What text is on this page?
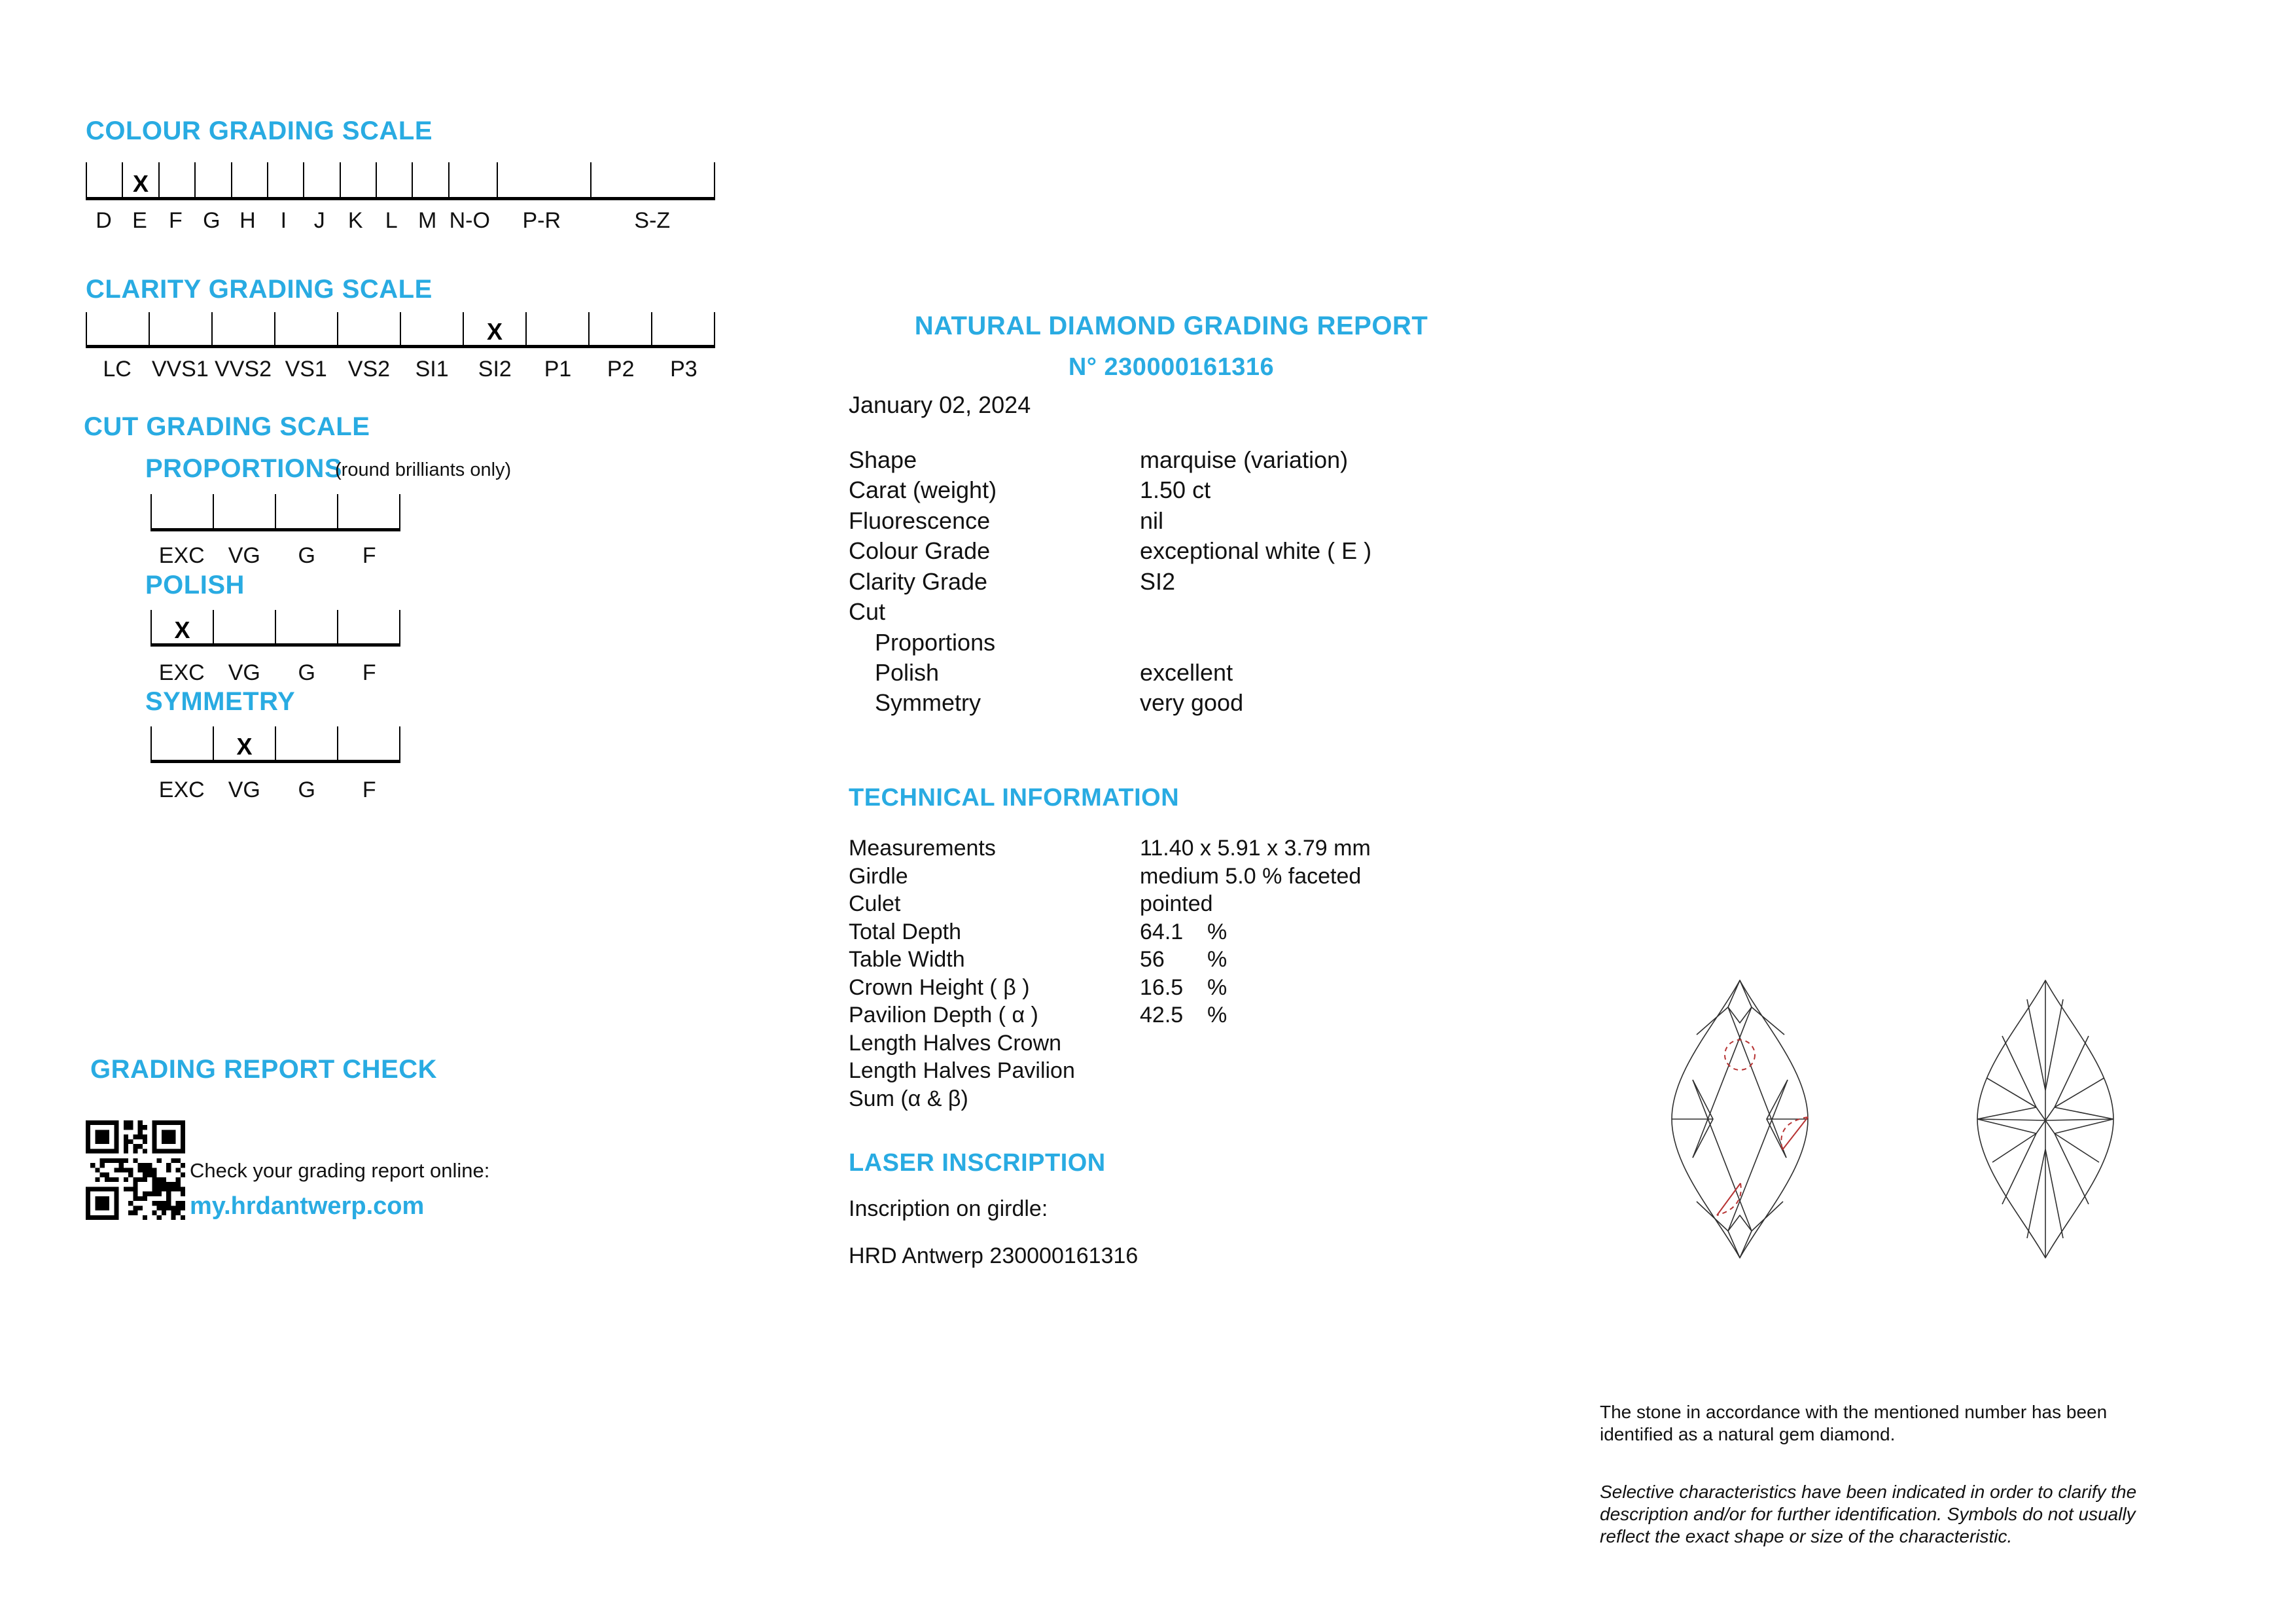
COLOUR GRADING SCALE
X
D E F G H	I	J	K	L M N-O	P-R	S-Z
CLARITY GRADING SCALE
X
LC VVS1 VVS2 VS1 VS2	SI1	SI2	P1	P2	P3
CUT GRADING SCALE
PROPORTIONS
(round brilliants only)
EXC	VG	G	F
POLISH
X
EXC	VG	G	F
SYMMETRY
X
EXC	VG	G	F
GRADING REPORT CHECK
Check your grading report online:
my.hrdantwerp.com
NATURAL DIAMOND GRADING REPORT
N° 230000161316
January 02, 2024
TECHNICAL INFORMATION
LASER INSCRIPTION
Inscription on girdle:
HRD Antwerp 230000161316
The stone in accordance with the mentioned number has been
identified as a natural gem diamond.
Selective characteristics have been indicated in order to clarify the
description and/or for further identification. Symbols do not usually
reflect the exact shape or size of the characteristic.
Shape	marquise (variation)
Carat (weight)	1.50 ct
Fluorescence	nil
Colour Grade	exceptional white ( E )
Clarity Grade	SI2
Cut
Proportions
Polish	excellent
Symmetry	very good
Measurements	11.40 x 5.91 x 3.79 mm
Girdle	medium 5.0 % faceted
Culet	pointed
Total Depth	64.1 %
Table Width	56 %
Crown Height ( β )	16.5 %
Pavilion Depth ( α )	42.5 %
Length Halves Crown
Length Halves Pavilion
Sum (α & β)
